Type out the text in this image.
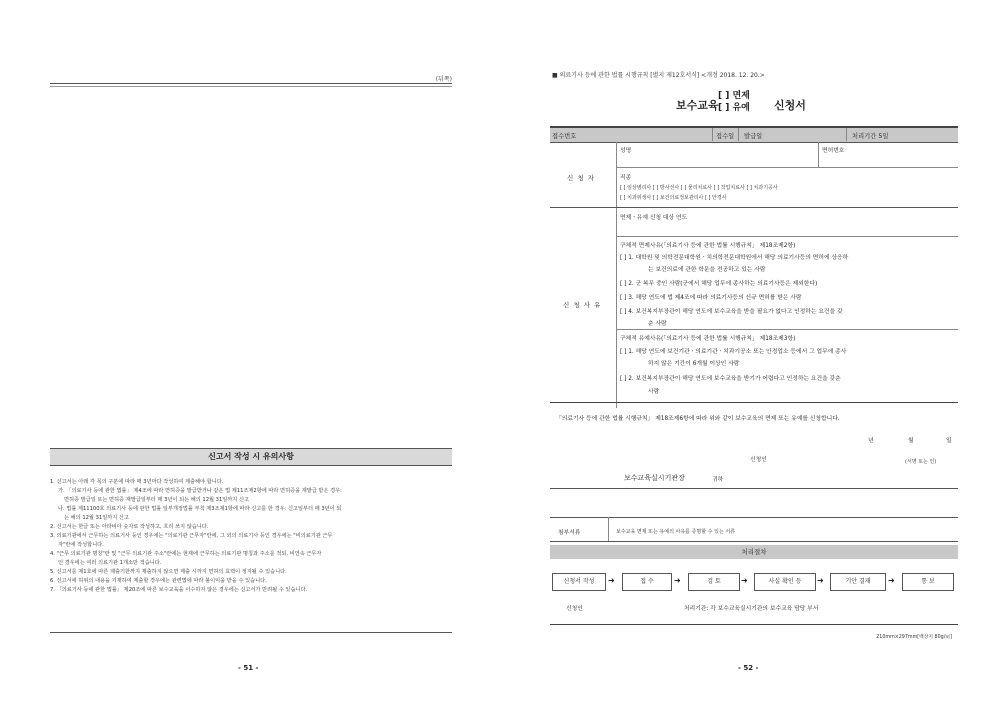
(뒤쪽)
신고서 작성 시 유의사항
1. 신고서는 아래 각 목의 구분에 따라 매 3년마다 작성하여 제출해야 합니다.
가. 「의료기사 등에 관한 법률」 제4조에 따라 면허증을 발급받거나 같은 법 제11조제2항에 따라 면허증을 재발급 받은 경우:
면허증 발급일 또는 면허증 재발급일부터 매 3년이 되는 해의 12월 31일까지 신고
나. 법률 제11100호 의료기사 등에 관한 법률 일부개정법률 부칙 제3조제1항에 따라 신고를 한 경우: 신고일부터 매 3년이 되
는 해의 12월 31일까지 신고
2. 신고서는 한글 또는 아라비아 숫자로 작성하고, 흐리 쓰지 않습니다.
3. 의료기관에서 근무하는 의료기사 등인 경우에는 "의료기관 근무자"란에, 그 외의 의료기사 등인 경우에는 "비의료기관 근무
자"란에 작성합니다.
4. "근무 의료기관 명칭"란 및 "근무 의료기관 주소"란에는 현재에 근무하는 의료기관 명칭과 주소를 적되, 비연속 근무자
인 경우에는 여러 의료기관 1개소만 적습니다.
5. 신고서를 제1호에 따른 제출기한까지 제출하지 않으면 제출 시까지 면허의 효력이 정지될 수 있습니다.
6. 신고서에 허위의 내용을 기재하여 제출할 경우에는 관련법에 따라 불이익을 받을 수 있습니다.
7. 「의료기사 등에 관한 법률」 제20조에 따른 보수교육을 이수하지 않은 경우에는 신고서가 반려될 수 있습니다.
- 51 -
■ 의료기사 등에 관한 법률 시행규칙 [별지 제12호서식] <개정 2018. 12. 20.>
보수교육
[ ] 면제
[ ] 유예 신청서
접수번호	접수일 발급일	처리기간 5일
신 청 자
성명	면허번호
직종
[ ] 임상병리사 [ ] 방사선사 [ ] 물리치료사 [ ] 작업치료사 [ ] 치과기공사
[ ] 치과위생사 [ ] 보건의료정보관리사 [ ] 안경사
신 청 사 유
면제ㆍ유예 신청 대상 연도
구체적 면제사유(「의료기사 등에 관한 법률 시행규칙」 제18조제2항)
[ ] 1. 대학원 및 의학전문대학원ㆍ치의학전문대학원에서 해당 의료기사등의 면허에 상응하
는 보건의료에 관한 학문을 전공하고 있는 사람
[ ] 2. 군 복무 중인 사람(군에서 해당 업무에 종사하는 의료기사등은 제외한다)
[ ] 3. 해당 연도에 법 제4조에 따라 의료기사등의 신규 면허를 받은 사람
[ ] 4. 보건복지부장관이 해당 연도에 보수교육을 받을 필요가 없다고 인정하는 요건을 갖
춘 사람
구체적 유예사유(「의료기사 등에 관한 법률 시행규칙」 제18조제3항)
[ ] 1. 해당 연도에 보건기관ㆍ의료기관ㆍ치과기공소 또는 안경업소 등에서 그 업무에 종사
하지 않은 기간이 6개월 이상인 사람
[ ] 2. 보건복지부장관이 해당 연도에 보수교육을 받기가 어렵다고 인정하는 요건을 갖춘
사람
「의료기사 등에 관한 법률 시행규칙」 제18조제6항에 따라 위와 같이 보수교육의 면제 또는 유예를 신청합니다.
년	월	일
신청인	(서명 또는 인)
보수교육실시기관장	귀하
첨부서류	보수교육 면제 또는 유예의 사유를 증명할 수 있는 서류
처리절차
신청서 작성	➜	접 수	➜	검 토	➜	사실 확인 등	➜	기안 결재	➜	통 보
신청인	처리기관: 각 보수교육실시기관의 보수교육 담당 부서
210mm×297mm[백상지 80g/㎡]
- 52 -
